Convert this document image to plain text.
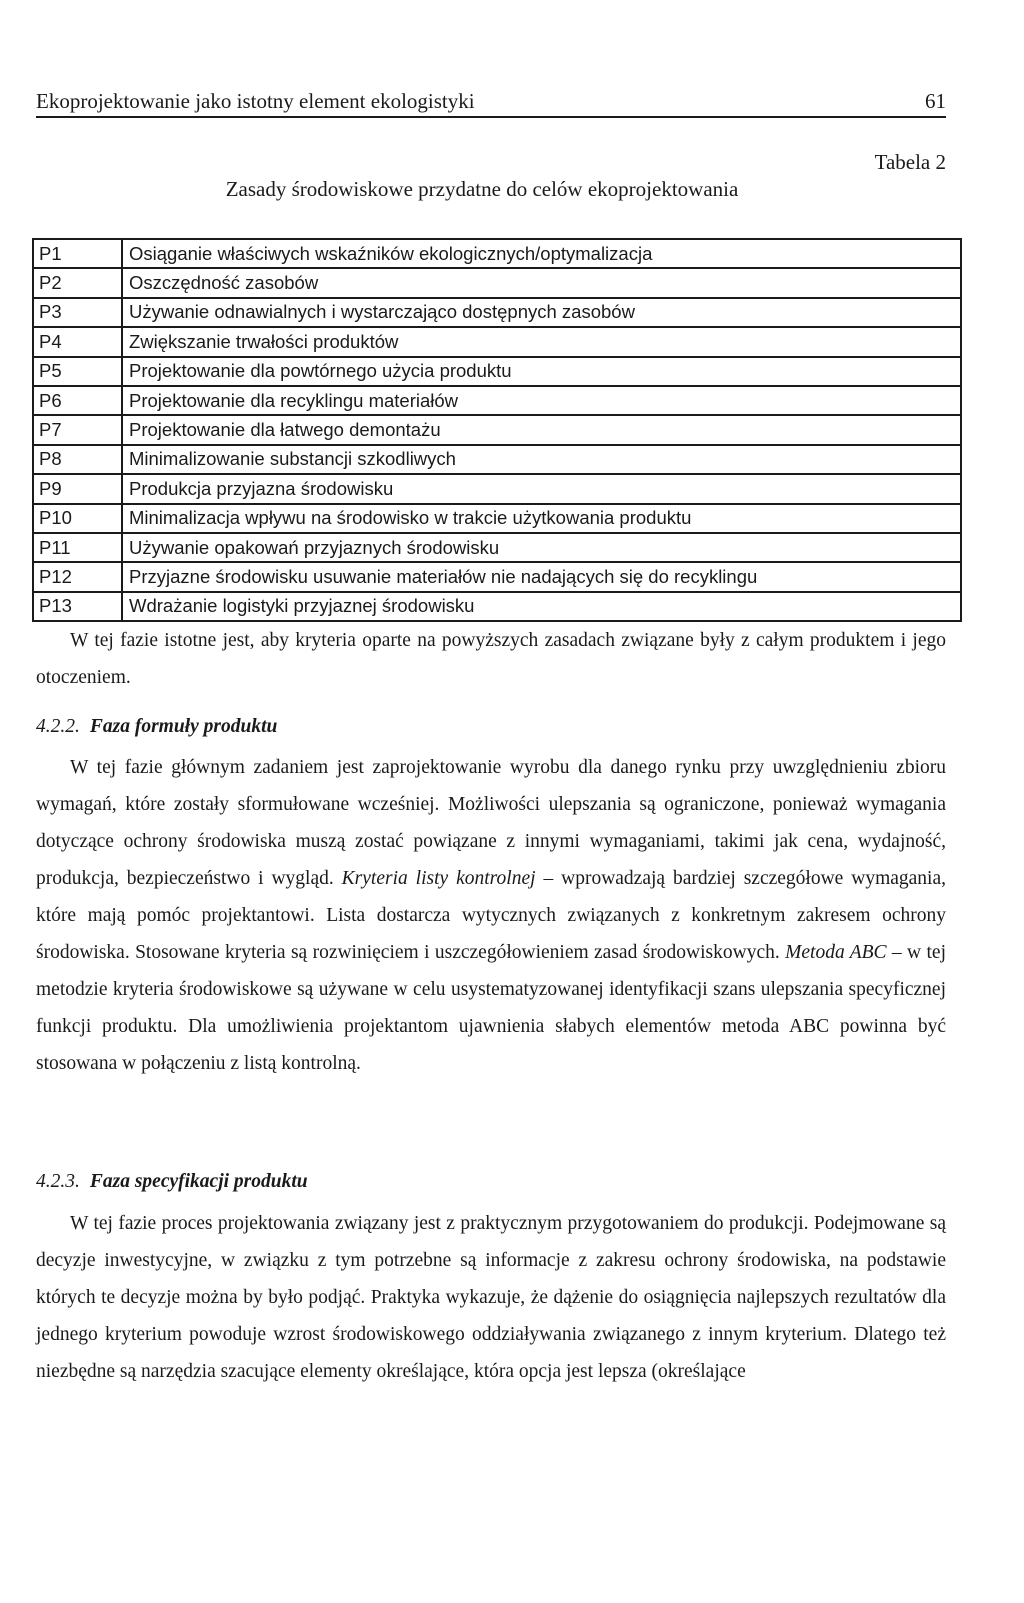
Ekoprojektowanie jako istotny element ekologistyki	61
Tabela 2
Zasady środowiskowe przydatne do celów ekoprojektowania
P1	Osiąganie właściwych wskaźników ekologicznych/optymalizacja
P2	Oszczędność zasobów
P3	Używanie odnawialnych i wystarczająco dostępnych zasobów
P4	Zwiększanie trwałości produktów
P5	Projektowanie dla powtórnego użycia produktu
P6	Projektowanie dla recyklingu materiałów
P7	Projektowanie dla łatwego demontażu
P8	Minimalizowanie substancji szkodliwych
P9	Produkcja przyjazna środowisku
P10	Minimalizacja wpływu na środowisko w trakcie użytkowania produktu
P11	Używanie opakowań przyjaznych środowisku
P12	Przyjazne środowisku usuwanie materiałów nie nadających się do recyklingu
P13	Wdrażanie logistyki przyjaznej środowisku

W tej fazie istotne jest, aby kryteria oparte na powyższych zasadach związane były z całym produktem i jego otoczeniem.

4.2.2. Faza formuły produktu

W tej fazie głównym zadaniem jest zaprojektowanie wyrobu dla danego rynku przy uwzględnieniu zbioru wymagań, które zostały sformułowane wcześniej. Możliwości ulepszania są ograniczone, ponieważ wymagania dotyczące ochrony środowiska muszą zostać powiązane z innymi wymaganiami, takimi jak cena, wydajność, produkcja, bezpieczeństwo i wygląd. Kryteria listy kontrolnej – wprowadzają bardziej szczegółowe wymagania, które mają pomóc projektantowi. Lista dostarcza wytycznych związanych z konkretnym zakresem ochrony środowiska. Stosowane kryteria są rozwinięciem i uszczegółowieniem zasad środowiskowych. Metoda ABC – w tej metodzie kryteria środowiskowe są używane w celu usystematyzowanej identyfikacji szans ulepszania specyficznej funkcji produktu. Dla umożliwienia projektantom ujawnienia słabych elementów metoda ABC powinna być stosowana w połączeniu z listą kontrolną.

4.2.3. Faza specyfikacji produktu

W tej fazie proces projektowania związany jest z praktycznym przygotowaniem do produkcji. Podejmowane są decyzje inwestycyjne, w związku z tym potrzebne są informacje z zakresu ochrony środowiska, na podstawie których te decyzje można by było podjąć. Praktyka wykazuje, że dążenie do osiągnięcia najlepszych rezultatów dla jednego kryterium powoduje wzrost środowiskowego oddziaływania związanego z innym kryterium. Dlatego też niezbędne są narzędzia szacujące elementy określające, która opcja jest lepsza (określające
